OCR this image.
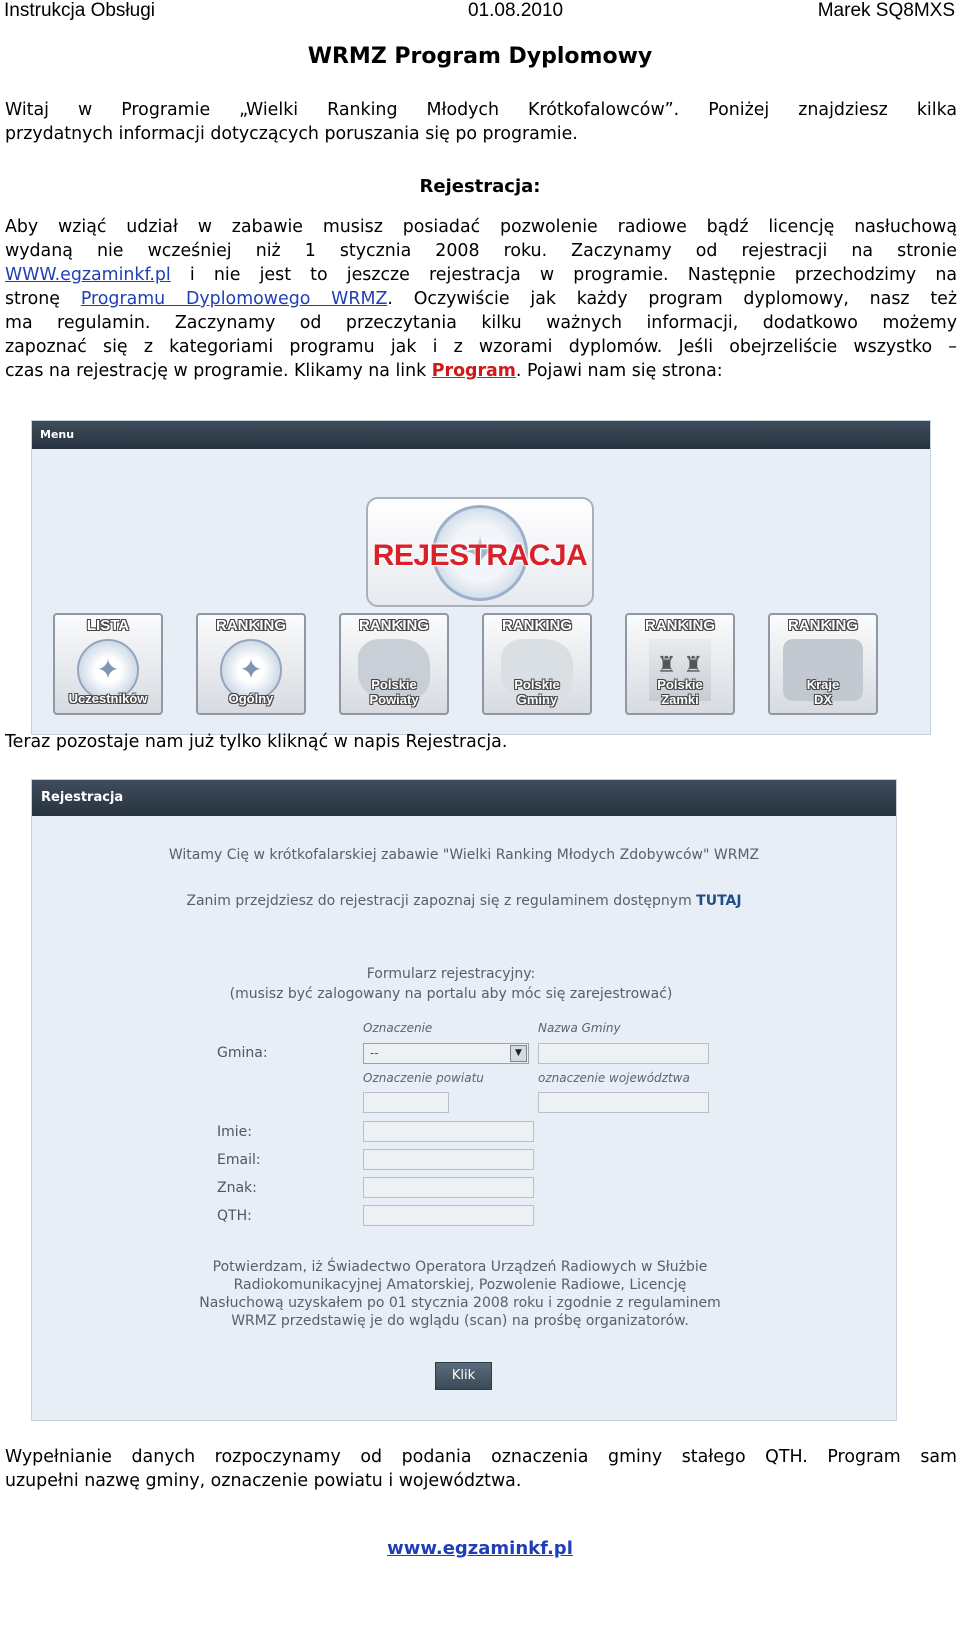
Instrukcja Obsługi	01.08.2010	Marek SQ8MXS
WRMZ Program Dyplomowy
Witaj w Programie „Wielki Ranking Młodych Krótkofalowców”. Poniżej znajdziesz kilka
przydatnych informacji dotyczących poruszania się po programie.
Rejestracja:
Aby wziąć udział w zabawie musisz posiadać pozwolenie radiowe bądź licencję nasłuchową
wydaną nie wcześniej niż 1 stycznia 2008 roku. Zaczynamy od rejestracji na stronie
WWW.egzaminkf.pl i nie jest to jeszcze rejestracja w programie. Następnie przechodzimy na
stronę Programu Dyplomowego WRMZ. Oczywiście jak każdy program dyplomowy, nasz też
ma regulamin. Zaczynamy od przeczytania kilku ważnych informacji, dodatkowo możemy
zapoznać się z kategoriami programu jak i z wzorami dyplomów. Jeśli obejrzeliście wszystko –
czas na rejestrację w programie. Klikamy na link Program. Pojawi nam się strona:
Menu
✦
REJESTRACJA
LISTA
✦
Uczestników
RANKING
✦
Ogólny
RANKING
Polskie
Powiaty
RANKING
Polskie
Gminy
RANKING
♜ ♜
Polskie
Zamki
RANKING
Kraje
DX
Teraz pozostaje nam już tylko kliknąć w napis Rejestracja.
Rejestracja
Witamy Cię w krótkofalarskiej zabawie "Wielki Ranking Młodych Zdobywców" WRMZ
Zanim przejdziesz do rejestracji zapoznaj się z regulaminem dostępnym TUTAJ
Formularz rejestracyjny:
(musisz być zalogowany na portalu aby móc się zarejestrować)
Oznaczenie	Nazwa Gminy
Gmina:	--	▼
Oznaczenie powiatu	oznaczenie województwa
Imie:
Email:
Znak:
QTH:
Potwierdzam, iż Świadectwo Operatora Urządzeń Radiowych w Służbie
Radiokomunikacyjnej Amatorskiej, Pozwolenie Radiowe, Licencję
Nasłuchową uzyskałem po 01 stycznia 2008 roku i zgodnie z regulaminem
WRMZ przedstawię je do wglądu (scan) na prośbę organizatorów.
Klik
Wypełnianie danych rozpoczynamy od podania oznaczenia gminy stałego QTH. Program sam
uzupełni nazwę gminy, oznaczenie powiatu i województwa.
www.egzaminkf.pl
